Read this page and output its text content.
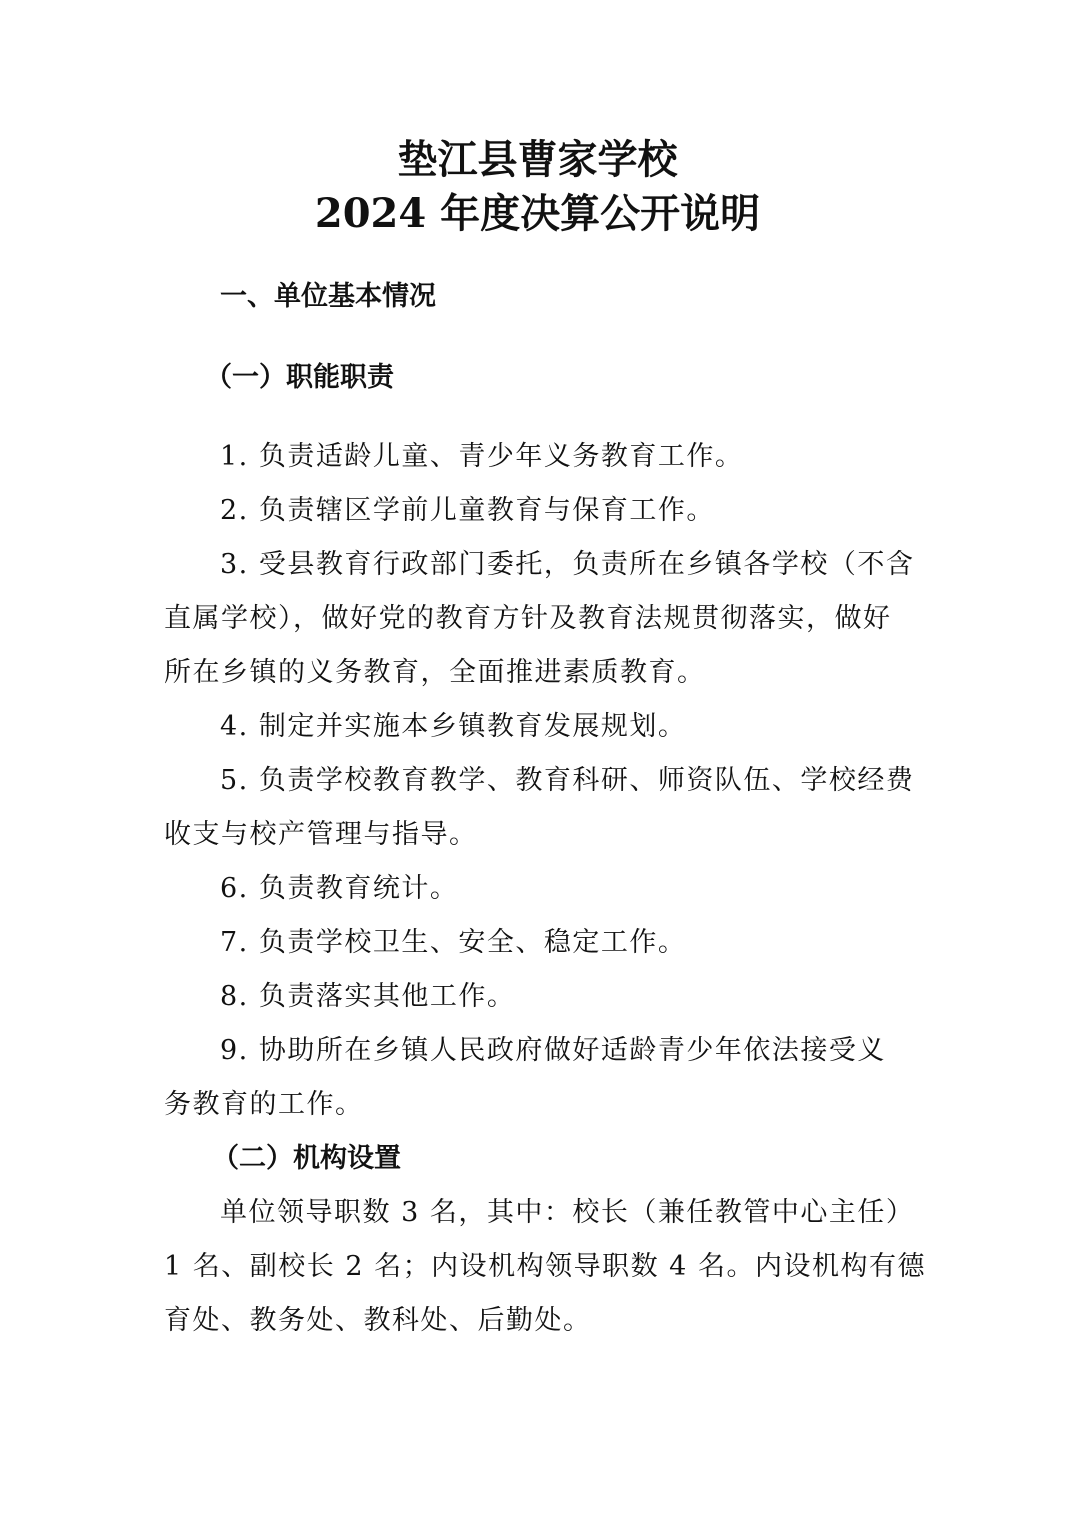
垫江县曹家学校
2024 年度决算公开说明
一、单位基本情况
（一）职能职责

1. 负责适龄儿童、青少年义务教育工作。

2. 负责辖区学前儿童教育与保育工作。

3. 受县教育行政部门委托，负责所在乡镇各学校（不含

直属学校），做好党的教育方针及教育法规贯彻落实，做好

所在乡镇的义务教育，全面推进素质教育。

4. 制定并实施本乡镇教育发展规划。

5. 负责学校教育教学、教育科研、师资队伍、学校经费

收支与校产管理与指导。

6. 负责教育统计。

7. 负责学校卫生、安全、稳定工作。

8. 负责落实其他工作。

9. 协助所在乡镇人民政府做好适龄青少年依法接受义

务教育的工作。

（二）机构设置

单位领导职数 3 名，其中：校长（兼任教管中心主任）

1 名、副校长 2 名；内设机构领导职数 4 名。内设机构有德

育处、教务处、教科处、后勤处。
